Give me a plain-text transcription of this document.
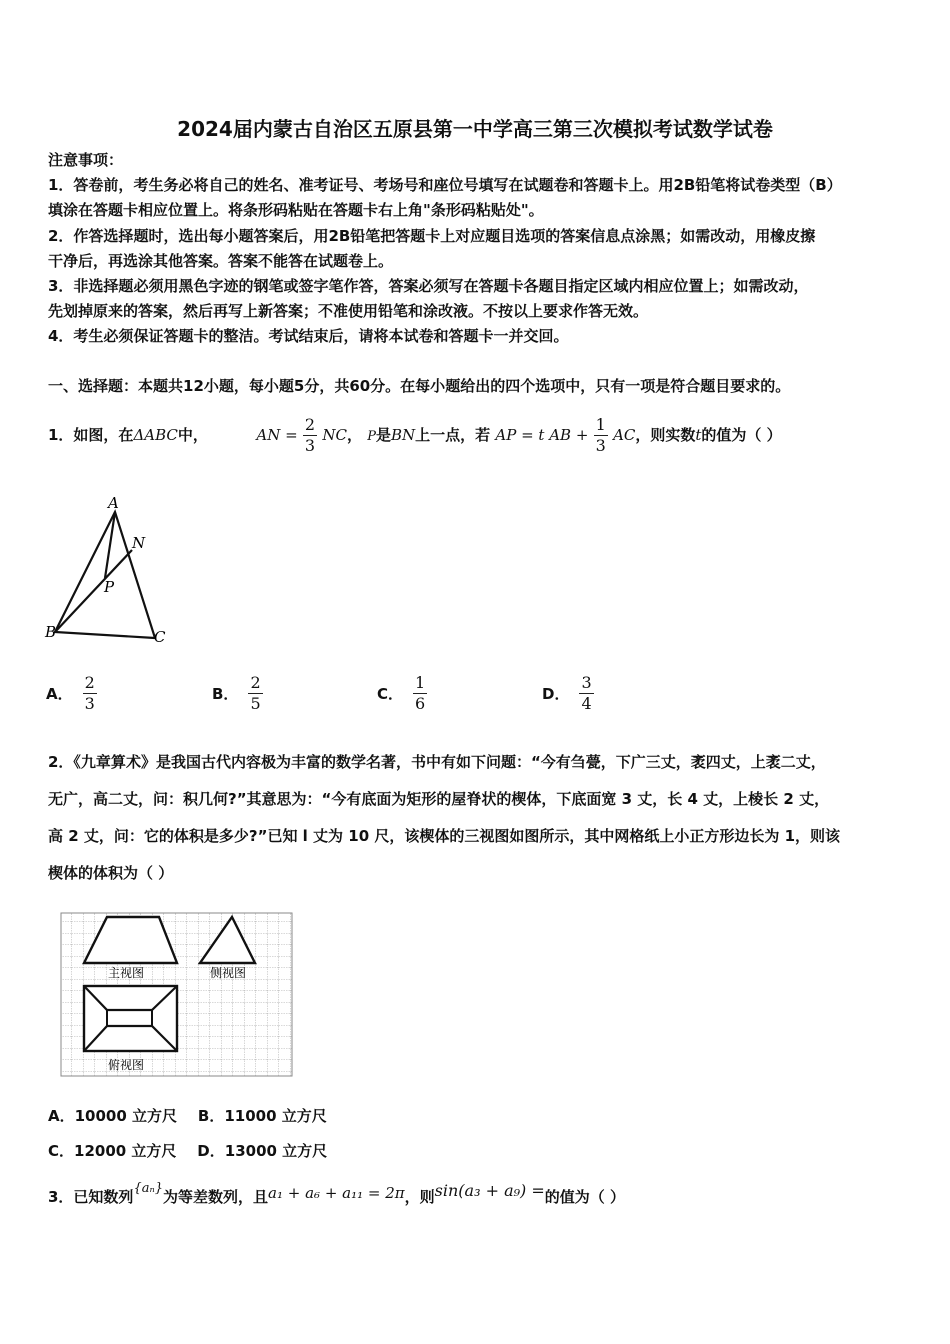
2024届内蒙古自治区五原县第一中学高三第三次模拟考试数学试卷
注意事项：
1．答卷前，考生务必将自己的姓名、准考证号、考场号和座位号填写在试题卷和答题卡上。用2B铅笔将试卷类型（B）
填涂在答题卡相应位置上。将条形码粘贴在答题卡右上角"条形码粘贴处"。
2．作答选择题时，选出每小题答案后，用2B铅笔把答题卡上对应题目选项的答案信息点涂黑；如需改动，用橡皮擦
干净后，再选涂其他答案。答案不能答在试题卷上。
3．非选择题必须用黑色字迹的钢笔或签字笔作答，答案必须写在答题卡各题目指定区域内相应位置上；如需改动，
先划掉原来的答案，然后再写上新答案；不准使用铅笔和涂改液。不按以上要求作答无效。
4．考生必须保证答题卡的整洁。考试结束后，请将本试卷和答题卡一并交回。
一、选择题：本题共12小题，每小题5分，共60分。在每小题给出的四个选项中，只有一项是符合题目要求的。
1．如图，在ΔABC中，	AN = $\frac{2}{3}$ NC， P是BN上一点，若 AP = t AB + $\frac{1}{3}$ AC，则实数t的值为（ ）
A
N
P
B	C
A． $\frac{2}{3}$	B． $\frac{2}{5}$	C． $\frac{1}{6}$	D． $\frac{3}{4}$
2．《九章算术》是我国古代内容极为丰富的数学名著，书中有如下问题：“今有刍甍，下广三丈，袤四丈，上袤二丈，
无广，高二丈，问：积几何?”其意思为：“今有底面为矩形的屋脊状的楔体，下底面宽 3 丈，长 4 丈，上棱长 2 丈，
高 2 丈，问：它的体积是多少?”已知 l 丈为 10 尺，该楔体的三视图如图所示，其中网格纸上小正方形边长为 1，则该
楔体的体积为（ ）
主视图	侧视图
俯视图
A．10000 立方尺    B．11000 立方尺
C．12000 立方尺    D．13000 立方尺
3．已知数列{aₙ}为等差数列，且a₁ + a₆ + a₁₁ = 2π，则sin(a₃ + a₉) =的值为（ ）
